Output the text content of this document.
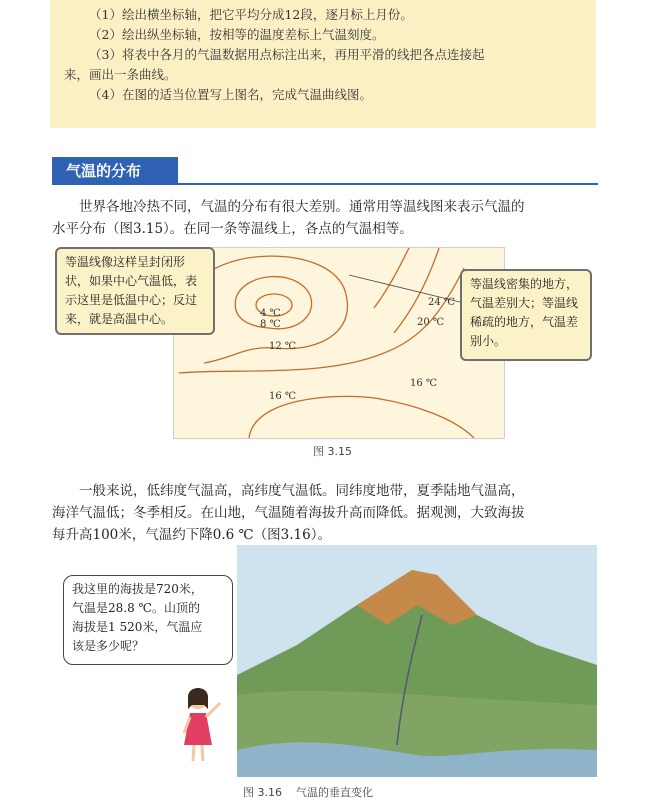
（1）绘出横坐标轴，把它平均分成12段，逐月标上月份。

（2）绘出纵坐标轴，按相等的温度差标上气温刻度。

（3）将表中各月的气温数据用点标注出来，再用平滑的线把各点连接起

来，画出一条曲线。

（4）在图的适当位置写上图名，完成气温曲线图。

气温的分布

世界各地冷热不同，气温的分布有很大差别。通常用等温线图来表示气温的

水平分布（图3.15）。在同一条等温线上，各点的气温相等。

4 ℃
8 ℃
12 ℃
16 ℃
16 ℃
20 ℃
24 ℃
等温线像这样呈封闭形
状，如果中心气温低，表
示这里是低温中心；反过
来，就是高温中心。
等温线密集的地方，
气温差别大；等温线
稀疏的地方，气温差
别小。
图 3.15

一般来说，低纬度气温高，高纬度气温低。同纬度地带，夏季陆地气温高，

海洋气温低；冬季相反。在山地，气温随着海拔升高而降低。据观测，大致海拔

每升高100米，气温约下降0.6 ℃（图3.16）。

我这里的海拔是720米，
气温是28.8 ℃。山顶的
海拔是1 520米，气温应
该是多少呢？
图 3.16 气温的垂直变化
